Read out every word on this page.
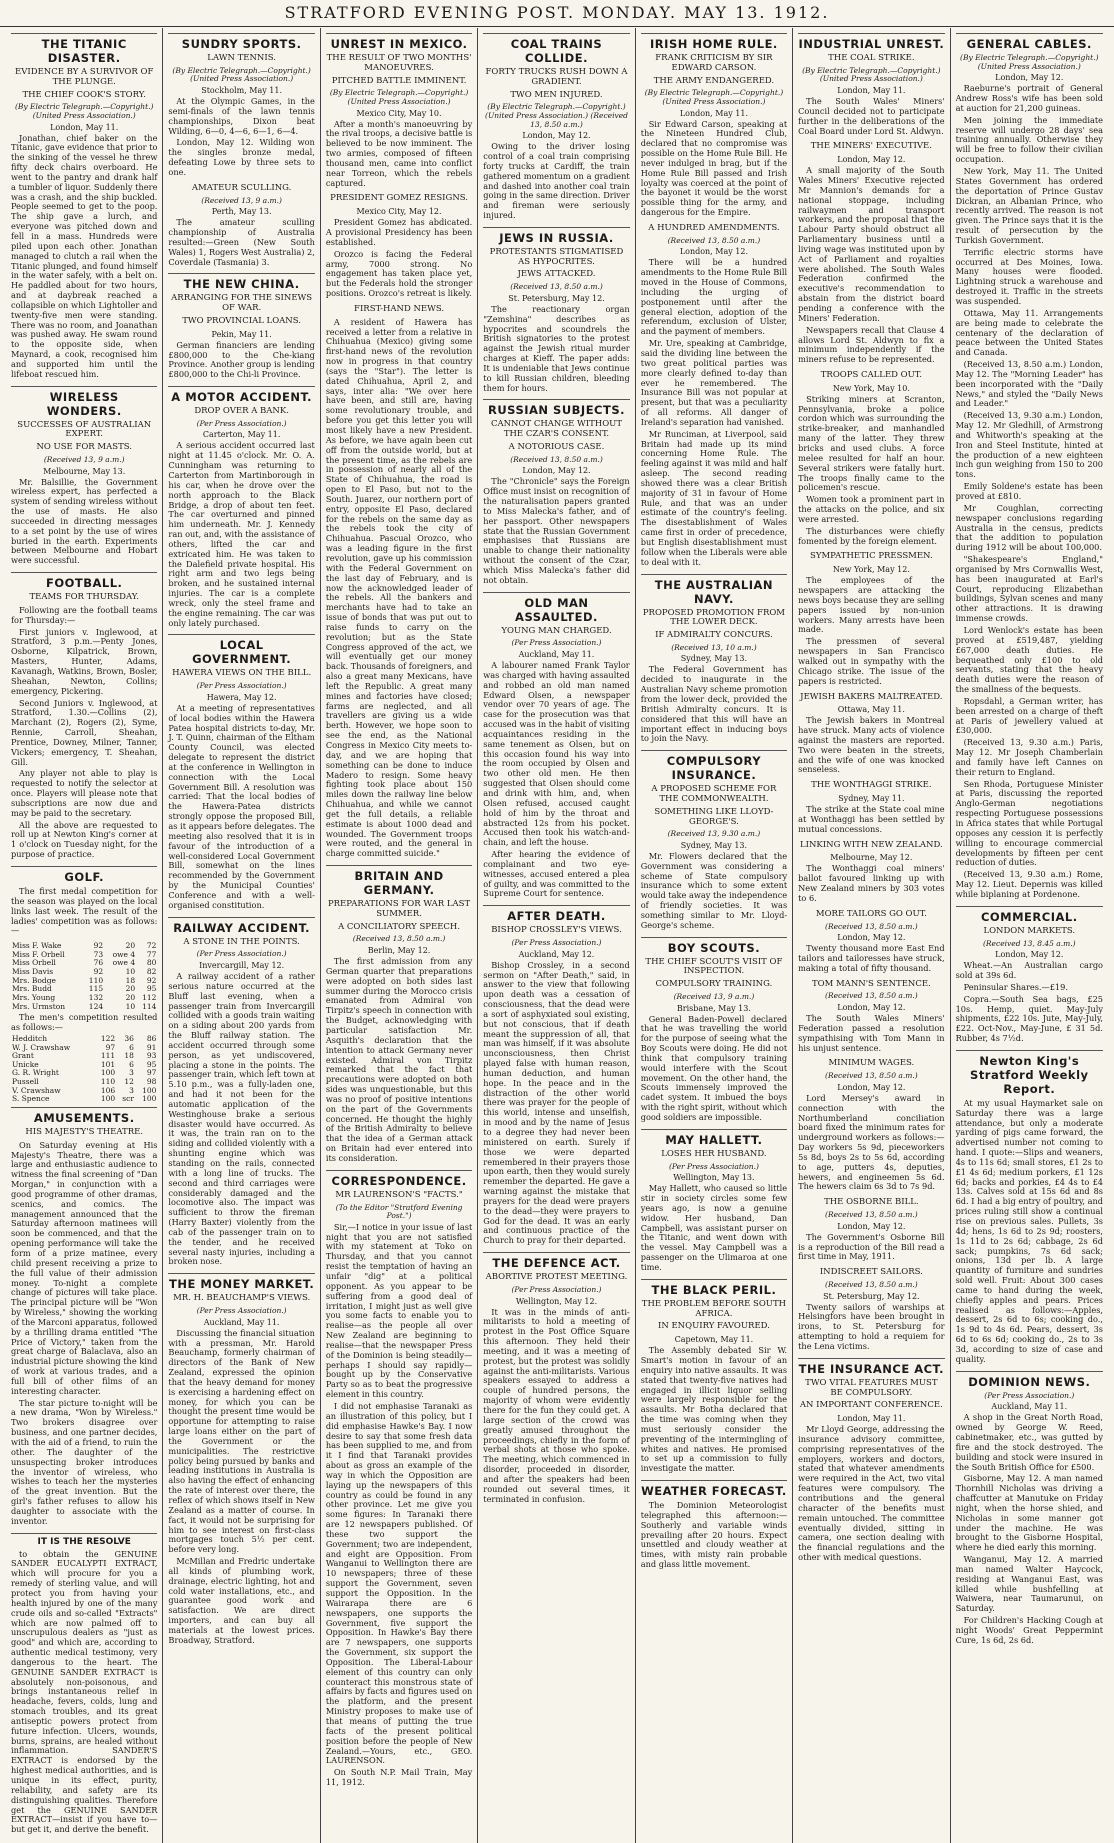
STRATFORD EVENING POST. MONDAY. MAY 13. 1912.
THE TITANIC DISASTER.
EVIDENCE BY A SURVIVOR OF THE PLUNGE.
THE CHIEF COOK'S STORY.
(By Electric Telegraph.—Copyright.) (United Press Association.)
London, May 11.

Jonathan, chief baker on the Titanic, gave evidence that prior to the sinking of the vessel he threw fifty deck chairs overboard. He went to the pantry and drank half a tumbler of liquor. Suddenly there was a crash, and the ship buckled. People seemed to get to the poop. The ship gave a lurch, and everyone was pitched down and fell in a mass. Hundreds were piled upon each other. Jonathan managed to clutch a rail when the Titanic plunged, and found himself in the water safely, with a belt on. He paddled about for two hours, and at daybreak reached a collapsible on which Lightoller and twenty-five men were standing. There was no room, and Joanathan was pushed away. He swam round to the opposite side, when Maynard, a cook, recognised him and supported him until the lifeboat rescued him.

WIRELESS WONDERS.
SUCCESSES OF AUSTRALIAN EXPERT.
NO USE FOR MASTS.
(Received 13, 9 a.m.)
Melbourne, May 13.

Mr. Balsillie, the Government wireless expert, has perfected a system of sending wireless without the use of masts. He also succeeded in directing messages to a set point by the use of wires buried in the earth. Experiments between Melbourne and Hobart were successful.

FOOTBALL.
TEAMS FOR THURSDAY.

Following are the football teams for Thursday:—

First juniors v. Inglewood, at Stratford, 3 p.m.—Penty Jones, Osborne, Kilpatrick, Brown, Masters, Hunter, Adams, Kavanagh, Watkins, Brown, Bosler, Sheahan, Newton, Collins; emergency, Pickering.

Second Juniors v. Inglewood, at Stratford, 1.30.—Collins (2), Marchant (2), Rogers (2), Syme, Rennie, Carroll, Sheahan, Prentice, Downey, Milner, Tanner, Vickers; emergency, T. Sheahan, Gill.

Any player not able to play is requested to notify the selector at once. Players will please note that subscriptions are now due and may be paid to the secretary.

All the above are requested to roll up at Newton King's corner at 1 o'clock on Tuesday night, for the purpose of practice.

GOLF.

The first medal competition for the season was played on the local links last week. The result of the ladies' competition was as follows:—

Miss F. Wake	92	20	72
Miss F. Orbell	73	owe 4	77
Miss Orbell	76	owe 4	80
Miss Davis	92	10	82
Mrs. Bodge	110	18	92
Mrs. Budd	115	20	95
Mrs. Young	132	20	112
Mrs. Urmston	124	10	114

The men's competition resulted as follows:—

Hedditch	122	36	86
W. J. Crawshaw	97	6	91
Grant	111	18	93
Unicke	101	6	95
G. R. Wright	100	3	97
Pussell	110	12	98
V. Crawshaw	106	3	100
S. Spence	100	scr	100
AMUSEMENTS.
HIS MAJESTY'S THEATRE.

On Saturday evening at His Majesty's Theatre, there was a large and enthusiastic audience to witness the final screening of "Dan Morgan," in conjunction with a good programme of other dramas, scenics, and comics. The management announced that the Saturday afternoon matinees will soon be commenced, and that the opening performance will take the form of a prize matinee, every child present receiving a prize to the full value of their admission money. To-night a complete change of pictures will take place. The principal picture will be "Won by Wireless," showing the working of the Marconi apparatus, followed by a thrilling drama entitled "The Price of Victory," taken from the great charge of Balaclava, also an industrial picture showing the kind of work at various trades, and a full bill of other films of an interesting character.

The star picture to-night will be a new drama, "Won by Wireless." Two brokers disagree over business, and one partner decides, with the aid of a friend, to ruin the other. The daughter of the unsuspecting broker introduces the inventor of wireless, who wishes to teach her the mysteries of the great invention. But the girl's father refuses to allow his daughter to associate with the inventor.

IT IS THE RESOLVE

to obtain the GENUINE SANDER EUCALYPTI EXTRACT, which will procure for you a remedy of sterling value, and will protect you from having your health injured by one of the many crude oils and so-called "Extracts" which are now palmed off to unscrupulous dealers as "just as good" and which are, according to authentic medical testimony, very dangerous to the heart. The GENUINE SANDER EXTRACT is absolutely non-poisonous, and brings instantaneous relief in headache, fevers, colds, lung and stomach troubles, and its great antiseptic powers protect from future infection. Ulcers, wounds, burns, sprains, are healed without inflammation. SANDER'S EXTRACT is endorsed by the highest medical authorities, and is unique in its effect, purity, reliability, and safety are its distinguishing qualities. Therefore get the GENUINE SANDER EXTRACT—insist if you have to—but get it, and derive the benefit.

SUNDRY SPORTS.
LAWN TENNIS.
(By Electric Telegraph.—Copyright.) (United Press Association.)
Stockholm, May 11.

At the Olympic Games, in the semi-finals of the lawn tennis championships, Dixon beat Wilding, 6—0, 4—6, 6—1, 6—4.

London, May 12. Wilding won the singles bronze medal, defeating Lowe by three sets to one.

AMATEUR SCULLING.
(Received 13, 9 a.m.)
Perth, May 13.

The amateur sculling championship of Australia resulted:—Green (New South Wales) 1, Rogers West Australia) 2, Coverdale (Tasmania) 3.

THE NEW CHINA.
ARRANGING FOR THE SINEWS OF WAR.
TWO PROVINCIAL LOANS.
Pekin, May 11.

German financiers are lending £800,000 to the Che-kiang Province. Another group is lending £800,000 to the Chi-li Province.

A MOTOR ACCIDENT.
DROP OVER A BANK.
(Per Press Association.)
Carterton, May 11.

A serious accident occurred last night at 11.45 o'clock. Mr. O. A. Cunningham was returning to Carterton from Martinborough in his car, when he drove over the north approach to the Black Bridge, a drop of about ten feet. The car overturned and pinned him underneath. Mr. J. Kennedy ran out, and, with the assistance of others, lifted the car and extricated him. He was taken to the Dalefield private hospital. His right arm and two legs being broken, and he sustained internal injuries. The car is a complete wreck, only the steel frame and the engine remaining. The car was only lately purchased.

LOCAL GOVERNMENT.
HAWERA VIEWS ON THE BILL.
(Per Press Association.)
Hawera, May 12.

At a meeting of representatives of local bodies within the Hawera Patea hospital districts to-day, Mr. J. T. Quinn, chairman of the Eltham County Council, was elected delegate to represent the district at the conference in Wellington in connection with the Local Government Bill. A resolution was carried: That the local bodies of the Hawera-Patea districts strongly oppose the proposed Bill, as it appears before delegates. The meeting also resolved that it is in favour of the introduction of a well-considered Local Government Bill, somewhat on the lines recommended by the Government by the Municipal Counties' Conference and with a well-organised constitution.

RAILWAY ACCIDENT.
A STONE IN THE POINTS.
(Per Press Association.)
Invercargill, May 12.

A railway accident of a rather serious nature occurred at the Bluff last evening, when a passenger train from Invercargill collided with a goods train waiting on a siding about 200 yards from the Bluff railway station. The accident occurred through some person, as yet undiscovered, placing a stone in the points. The passenger train, which left town at 5.10 p.m., was a fully-laden one, and had it not been for the automatic application of the Westinghouse brake a serious disaster would have occurred. As it was, the train ran on to the siding and collided violently with a shunting engine which was standing on the rails, connected with a long line of trucks. The second and third carriages were considerably damaged and the locomotive also. The impact was sufficient to throw the fireman (Harry Baxter) violently from the cab of the passenger train on to the tender, and he received several nasty injuries, including a broken nose.

THE MONEY MARKET.
MR. H. BEAUCHAMP'S VIEWS.
(Per Press Association.)
Auckland, May 11.

Discussing the financial situation with a pressman, Mr. Harold Beauchamp, formerly chairman of directors of the Bank of New Zealand, expressed the opinion that the heavy demand for money is exercising a hardening effect on money, for which you can be thought the present time would be opportune for attempting to raise large loans either on the part of the Government or the municipalities. The restrictive policy being pursued by banks and leading institutions in Australia is also having the effect of enhancing the rate of interest over there, the reflex of which shows itself in New Zealand as a matter of course. In fact, it would not be surprising for him to see interest on first-class mortgages touch 5½ per cent. before very long.

McMillan and Fredric undertake all kinds of plumbing work, drainage, electric lighting, hot and cold water installations, etc., and guarantee good work and satisfaction. We are direct importers, and can buy all materials at the lowest prices. Broadway, Stratford.

UNREST IN MEXICO.
THE RESULT OF TWO MONTHS' MANOEUVRES.
PITCHED BATTLE IMMINENT.
(By Electric Telegraph.—Copyright.) (United Press Association.)
Mexico City, May 10.

After a month's manoeuvring by the rival troops, a decisive battle is believed to be now imminent. The two armies, composed of fifteen thousand men, came into conflict near Torreon, which the rebels captured.

PRESIDENT GOMEZ RESIGNS.
Mexico City, May 12.

President Gomez has abdicated. A provisional Presidency has been established.

Orozco is facing the Federal army, 7000 strong. No engagement has taken place yet, but the Federals hold the stronger positions. Orozco's retreat is likely.

FIRST-HAND NEWS.

A resident of Hawera has received a letter from a relative in Chihuahua (Mexico) giving some first-hand news of the revolution now in progress in that country (says the "Star"). The letter is dated Chihuahua, April 2, and says, inter alia: "We over here have been, and still are, having some revolutionary trouble, and before you get this letter you will most likely have a new President. As before, we have again been cut off from the outside world, but at the present time, as the rebels are in possession of nearly all of the State of Chihuahua, the road is open to El Paso, but not to the South. Juarez, our northern port of entry, opposite El Paso, declared for the rebels on the same day as the rebels took the city of Chihuahua. Pascual Orozco, who was a leading figure in the first revolution, gave up his commission with the Federal Government on the last day of February, and is now the acknowledged leader of the rebels. All the bankers and merchants have had to take an issue of bonds that was put out to raise funds to carry on the revolution; but as the State Congress approved of the act, we will eventually get our money back. Thousands of foreigners, and also a great many Mexicans, have left the Republic. A great many mines and factories have closed; farms are neglected, and all travellers are giving us a wide berth. However, we hope soon to see the end, as the National Congress in Mexico City meets to-day, and we are hoping that something can be done to induce Madero to resign. Some heavy fighting took place about 150 miles down the railway line below Chihuahua, and while we cannot get the full details, a reliable estimate is about 1000 dead and wounded. The Government troops were routed, and the general in charge committed suicide."

BRITAIN AND GERMANY.
PREPARATIONS FOR WAR LAST SUMMER.
A CONCILIATORY SPEECH.
(Received 13, 8.50 a.m.)
Berlin, May 12.

The first admission from any German quarter that preparations were adopted on both sides last summer during the Morocco crisis emanated from Admiral von Tirpitz's speech in connection with the Budget, acknowledging with particular satisfaction Mr. Asquith's declaration that the intention to attack Germany never existed. Admiral von Tirpitz remarked that the fact that precautions were adopted on both sides was unquestionable, but this was no proof of positive intentions on the part of the Governments concerned. He thought the highly of the British Admiralty to believe that the idea of a German attack on Britain had ever entered into its consideration.

CORRESPONDENCE.
MR LAURENSON'S "FACTS."
(To the Editor "Stratford Evening Post.")

Sir,—I notice in your issue of last night that you are not satisfied with my statement at Toko on Thursday, and that you cannot resist the temptation of having an unfair "dig" at a political opponent. As you appear to be suffering from a good deal of irritation, I might just as well give you some facts to enable you to realise—as the people all over New Zealand are beginning to realise—that the newspaper Press of the Dominion is being steadily—perhaps I should say rapidly—bought up by the Conservative Party so as to beat the progressive element in this country.

I did not emphasise Taranaki as an illustration of this policy, but I did emphasise Hawke's Bay. I now desire to say that some fresh data has been supplied to me, and from it I find that Taranaki provides about as gross an example of the way in which the Opposition are laying up the newspapers of this country as could be found in any other province. Let me give you some figures: In Taranaki there are 12 newspapers published. Of these two support the Government; two are independent, and eight are Opposition. From Wanganui to Wellington there are 10 newspapers; three of these support the Government, seven support the Opposition. In the Wairarapa there are 6 newspapers, one supports the Government, five support the Opposition. In Hawke's Bay there are 7 newspapers, one supports the Government, six support the Opposition. The Liberal-Labour element of this country can only counteract this monstrous state of affairs by facts and figures used on the platform, and the present Ministry proposes to make use of that means of putting the true facts of the present political position before the people of New Zealand.—Yours, etc., GEO. LAURENSON.

On South N.P. Mail Train, May 11, 1912.

COAL TRAINS COLLIDE.
FORTY TRUCKS RUSH DOWN A GRADIENT.
TWO MEN INJURED.
(By Electric Telegraph.—Copyright.) (United Press Association.) (Received 13, 8.50 a.m.)
London, May 12.

Owing to the driver losing control of a coal train comprising forty trucks at Cardiff, the train gathered momentum on a gradient and dashed into another coal train going in the same direction. Driver and fireman were seriously injured.

JEWS IN RUSSIA.
PROTESTANTS STIGMATISED AS HYPOCRITES.
JEWS ATTACKED.
(Received 13, 8.50 a.m.)
St. Petersburg, May 12.

The reactionary organ "Zemshina" describes as hypocrites and scoundrels the British signatories to the protest against the Jewish ritual murder charges at Kieff. The paper adds: It is undeniable that Jews continue to kill Russian children, bleeding them for hours.

RUSSIAN SUBJECTS.
CANNOT CHANGE WITHOUT THE CZAR'S CONSENT.
A NOTORIOUS CASE.
(Received 13, 8.50 a.m.)
London, May 12.

The "Chronicle" says the Foreign Office must insist on recognition of the naturalisation papers granted to Miss Malecka's father, and of her passport. Other newspapers state that the Russian Government emphasises that Russians are unable to change their nationality without the consent of the Czar, which Miss Malecka's father did not obtain.

OLD MAN ASSAULTED.
YOUNG MAN CHARGED.
(Per Press Association.)
Auckland, May 11.

A labourer named Frank Taylor was charged with having assaulted and robbed an old man named Edward Olsen, a newspaper vendor over 70 years of age. The case for the prosecution was that accused was in the habit of visiting acquaintances residing in the same tenement as Olsen, but on this occasion found his way into the room occupied by Olsen and two other old men. He then suggested that Olsen should come and drink with him, and, when Olsen refused, accused caught hold of him by the throat and abstracted 12s from his pocket. Accused then took his watch-and-chain, and left the house.

After hearing the evidence of complainant and two eye-witnesses, accused entered a plea of guilty, and was committed to the Supreme Court for sentence.

AFTER DEATH.
BISHOP CROSSLEY'S VIEWS.
(Per Press Association.)
Auckland, May 12.

Bishop Crossley, in a second sermon on "After Death," said, in answer to the view that following upon death was a cessation of consciousness, that the dead were a sort of asphyxiated soul existing, but not conscious, that if death meant the suppression of all, that man was himself, if it was absolute unconsciousness, then Christ played false with human reason, human deduction, and human hope. In the peace and in the distraction of the other world there was prayer for the people of this world, intense and unselfish, in mood and by the name of Jesus to a degree they had never been ministered on earth. Surely if those we were departed remembered in their prayers those upon earth, then they would surely remember the departed. He gave a warning against the mistake that prayers for the dead were prayers to the dead—they were prayers to God for the dead. It was an early and continuous practice of the Church to pray for their departed.

THE DEFENCE ACT.
ABORTIVE PROTEST MEETING.
(Per Press Association.)
Wellington, May 12.

It was in the minds of anti-militarists to hold a meeting of protest in the Post Office Square this afternoon. They held their meeting, and it was a meeting of protest, but the protest was solidly against the anti-militarists. Various speakers essayed to address a couple of hundred persons, the majority of whom were evidently there for the fun they could get. A large section of the crowd was greatly amused throughout the proceedings, chiefly in the form of verbal shots at those who spoke. The meeting, which commenced in disorder, proceeded in disorder, and after the speakers had been rounded out several times, it terminated in confusion.

IRISH HOME RULE.
FRANK CRITICISM BY SIR EDWARD CARSON.
THE ARMY ENDANGERED.
(By Electric Telegraph.—Copyright.) (United Press Association.)
London, May 11.

Sir Edward Carson, speaking at the Nineteen Hundred Club, declared that no compromise was possible on the Home Rule Bill. He never indulged in brag, but if the Home Rule Bill passed and Irish loyalty was coerced at the point of the bayonet it would be the worst possible thing for the army, and dangerous for the Empire.

A HUNDRED AMENDMENTS.
(Received 13, 8.50 a.m.)
London, May 12.

There will be a hundred amendments to the Home Rule Bill moved in the House of Commons, including the urging of postponement until after the general election, adoption of the referendum, exclusion of Ulster, and the payment of members.

Mr. Ure, speaking at Cambridge, said the dividing line between the two great political parties was more clearly defined to-day than ever he remembered. The Insurance Bill was not popular at present, but that was a peculiarity of all reforms. All danger of Ireland's separation had vanished.

Mr Runciman, at Liverpool, said Britain had made up its mind concerning Home Rule. The feeling against it was mild and half asleep. The second reading showed there was a clear British majority of 31 in favour of Home Rule, and that was an under estimate of the country's feeling. The disestablishment of Wales came first in order of precedence, but English disestablishment must follow when the Liberals were able to deal with it.

THE AUSTRALIAN NAVY.
PROPOSED PROMOTION FROM THE LOWER DECK.
IF ADMIRALTY CONCURS.
(Received 13, 10 a.m.)
Sydney, May 13.

The Federal Government has decided to inaugurate in the Australian Navy scheme promotion from the lower deck, provided the British Admiralty concurs. It is considered that this will have an important effect in inducing boys to join the Navy.

COMPULSORY INSURANCE.
A PROPOSED SCHEME FOR THE COMMONWEALTH.
SOMETHING LIKE LLOYD-GEORGE'S.
(Received 13, 9.30 a.m.)
Sydney, May 13.

Mr. Flowers declared that the Government was considering a scheme of State compulsory insurance which to some extent would take away the independence of friendly societies. It was something similar to Mr. Lloyd-George's scheme.

BOY SCOUTS.
THE CHIEF SCOUT'S VISIT OF INSPECTION.
COMPULSORY TRAINING.
(Received 13, 9 a.m.)
Brisbane, May 13.

General Baden-Powell declared that he was travelling the world for the purpose of seeing what the Boy Scouts were doing. He did not think that compulsory training would interfere with the Scout movement. On the other hand, the Scouts immensely improved the cadet system. It imbued the boys with the right spirit, without which good soldiers are impossible.

MAY HALLETT.
LOSES HER HUSBAND.
(Per Press Association.)
Wellington, May 13.

May Hallett, who caused so little stir in society circles some few years ago, is now a genuine widow. Her husband, Dan Campbell, was assistant purser on the Titanic, and went down with the vessel. May Campbell was a passenger on the Ulimaroa at one time.

THE BLACK PERIL.
THE PROBLEM BEFORE SOUTH AFRICA.
IN ENQUIRY FAVOURED.
Capetown, May 11.

The Assembly debated Sir W. Smart's motion in favour of an enquiry into native assaults. It was stated that twenty-five natives had engaged in illicit liquor selling were largely responsible for the assaults. Mr Botha declared that the time was coming when they must seriously consider the preventing of the intermingling of whites and natives. He promised to set up a commission to fully investigate the matter.

WEATHER FORECAST.

The Dominion Meteorologist telegraphed this afternoon:—Southerly and variable winds prevailing after 20 hours. Expect unsettled and cloudy weather at times, with misty rain probable and glass little movement.

INDUSTRIAL UNREST.
THE COAL STRIKE.
(By Electric Telegraph.—Copyright.) (United Press Association.)
London, May 11.

The South Wales' Miners' Council decided not to participate further in the deliberations of the Coal Board under Lord St. Aldwyn.

THE MINERS' EXECUTIVE.
London, May 12.

A small majority of the South Wales Miners' Executive rejected Mr Mannion's demands for a national stoppage, including railwaymen and transport workers, and the proposal that the Labour Party should obstruct all Parliamentary business until a living wage was instituted upon by Act of Parliament and royalties were abolished. The South Wales Federation confirmed the executive's recommendation to abstain from the district board pending a conference with the Miners' Federation.

Newspapers recall that Clause 4 allows Lord St. Aldwyn to fix a minimum independently if the miners refuse to be represented.

TROOPS CALLED OUT.
New York, May 10.

Striking miners at Scranton, Pennsylvania, broke a police cordon which was surrounding the strike-breaker, and manhandled many of the latter. They threw bricks and used clubs. A force melee resulted for half an hour. Several strikers were fatally hurt. The troops finally came to the policemen's rescue.

Women took a prominent part in the attacks on the police, and six were arrested.

The disturbances were chiefly fomented by the foreign element.

SYMPATHETIC PRESSMEN.
New York, May 12.

The employees of the newspapers are attacking the news boys because they are selling papers issued by non-union workers. Many arrests have been made.

The pressmen of several newspapers in San Francisco walked out in sympathy with the Chicago strike. The issue of the papers is restricted.

JEWISH BAKERS MALTREATED.
Ottawa, May 11.

The Jewish bakers in Montreal have struck. Many acts of violence against the masters are reported. Two were beaten in the streets, and the wife of one was knocked senseless.

THE WONTHAGGI STRIKE.
Sydney, May 11.

The strike at the State coal mine at Wonthaggi has been settled by mutual concessions.

LINKING WITH NEW ZEALAND.
Melbourne, May 12.

The Wonthaggi coal miners' ballot favoured linking up with New Zealand miners by 303 votes to 6.

MORE TAILORS GO OUT.
(Received 13, 8.50 a.m.)
London, May 12.

Twenty thousand more East End tailors and tailoresses have struck, making a total of fifty thousand.

TOM MANN'S SENTENCE.
(Received 13, 8.50 a.m.)
London, May 12.

The South Wales Miners' Federation passed a resolution sympathising with Tom Mann in his unjust sentence.

MINIMUM WAGES.
(Received 13, 8.50 a.m.)
London, May 12.

Lord Mersey's award in connection with the Northumberland conciliation board fixed the minimum rates for underground workers as follows:—Day workers 5s 9d, pieceworkers 5s 8d, boys 2s to 5s 6d, according to age, putters 4s, deputies, hewers, and engineemen 5s 6d. The hewers claim 6s 3d to 7s 9d.

THE OSBORNE BILL.
(Received 13, 8.50 a.m.)
London, May 12.

The Government's Osborne Bill is a reproduction of the Bill read a first time in May, 1911.

INDISCREET SAILORS.
(Received 13, 8.50 a.m.)
St. Petersburg, May 12.

Twenty sailors of warships at Helsingfors have been brought in irons, to St. Petersburg for attempting to hold a requiem for the Lena victims.

THE INSURANCE ACT.
TWO VITAL FEATURES MUST BE COMPULSORY.
AN IMPORTANT CONFERENCE.
London, May 11.

Mr Lloyd George, addressing the insurance advisory committee, comprising representatives of the employers, workers and doctors, stated that whatever amendments were required in the Act, two vital features were compulsory. The contributions and the general character of the benefits must remain untouched. The committee eventually divided, sitting in camera, one section dealing with the financial regulations and the other with medical questions.

GENERAL CABLES.
(By Electric Telegraph.—Copyright.) (United Press Association.)
London, May 12.

Raeburne's portrait of General Andrew Ross's wife has been sold at auction for 21,200 guineas.

Men joining the immediate reserve will undergo 28 days' sea training annually. Otherwise they will be free to follow their civilian occupation.

New York, May 11. The United States Government has ordered the deportation of Prince Gustav Dickran, an Albanian Prince, who recently arrived. The reason is not given. The Prince says that it is the result of persecution by the Turkish Government.

Terrific electric storms have occurred at Des Moines, Iowa. Many houses were flooded. Lightning struck a warehouse and destroyed it. Traffic in the streets was suspended.

Ottawa, May 11. Arrangements are being made to celebrate the centenary of the declaration of peace between the United States and Canada.

(Received 13, 8.50 a.m.) London, May 12. The "Morning Leader" has been incorporated with the "Daily News," and styled the "Daily News and Leader."

(Received 13, 9.30 a.m.) London, May 12. Mr Gledhill, of Armstrong and Whitworth's speaking at the Iron and Steel Institute, hinted at the production of a new eighteen inch gun weighing from 150 to 200 tons.

Emily Soldene's estate has been proved at £810.

Mr Coughlan, correcting newspaper conclusions regarding Australia in the census, predicts that the addition to population during 1912 will be about 100,000.

"Shakespeare's England," organised by Mrs Cornwallis West, has been inaugurated at Earl's Court, reproducing Elizabethan buildings, Sylvan scenes and many other attractions. It is drawing immense crowds.

Lord Wenlock's estate has been proved at £519,487, yielding £67,000 death duties. He bequeathed only £100 to old servants, stating that the heavy death duties were the reason of the smallness of the bequests.

Ropsdahl, a German writer, has been arrested on a charge of theft at Paris of jewellery valued at £30,000.

(Received 13, 9.30 a.m.) Paris, May 12. Mr Joseph Chamberlain and family have left Cannes on their return to England.

Sen Rhoda, Portuguese Minister at Paris, discussing the reported Anglo-German negotiations respecting Portuguese possessions in Africa states that while Portugal opposes any cession it is perfectly willing to encourage commercial developments by fifteen per cent reduction of duties.

(Received 13, 9.30 a.m.) Rome, May 12. Lieut. Depernis was killed while biplaning at Pordenone.

COMMERCIAL.
LONDON MARKETS.
(Received 13, 8.45 a.m.)
London, May 12.

Wheat.—An Australian cargo sold at 39s 6d.

Peninsular Shares.—£19.

Copra.—South Sea bags, £25 10s. Hemp, quiet. May-July shipments, £22 10s. Jute, May-July, £22. Oct-Nov., May-June, £ 31 5d. Rubber, 4s 7½d.

Newton King's Stratford Weekly Report.

At my usual Haymarket sale on Saturday there was a large attendance, but only a moderate yarding of pigs came forward, the advertised number not coming to hand. I quote:—Slips and weaners, 4s to 11s 6d; small stores, £1 2s to £1 4s 6d; medium porkers, £1 12s 6d; backs and porkies, £4 4s to £4 13s. Calves sold at 15s 6d and 8s 6d. I had a big entry of poultry, and prices ruling still show a continual rise on previous sales. Pullets, 3s 4d; hens, 1s 6d to 2s 9d; roosters, 1s 11d to 2s 6d; cabbage, 2s 6d sack; pumpkins, 7s 6d sack; onions, 13d per lb. A large quantity of furniture and sundries sold well. Fruit: About 300 cases came to hand during the week, chiefly apples and pears. Prices realised as follows:—Apples, dessert, 2s 6d to 6s; cooking do., 1s 9d to 4s 6d. Pears, dessert, 3s 6d to 6s 6d; cooking do., 2s to 3s 3d, according to size of case and quality.

DOMINION NEWS.
(Per Press Association.)
Auckland, May 11.

A shop in the Great North Road, owned by George W. Reed, cabinetmaker, etc., was gutted by fire and the stock destroyed. The building and stock were insured in the South British Office for £500.

Gisborne, May 12. A man named Thornhill Nicholas was driving a chaffcutter at Manutuke on Friday night, when the horse shied, and Nicholas in some manner got under the machine. He was brought to the Gisborne Hospital, where he died early this morning.

Wanganui, May 12. A married man named Walter Haycock, residing at Wanganui East, was killed while bushfelling at Waiwera, near Taumarunui, on Saturday.

For Children's Hacking Cough at night Woods' Great Peppermint Cure, 1s 6d, 2s 6d.
